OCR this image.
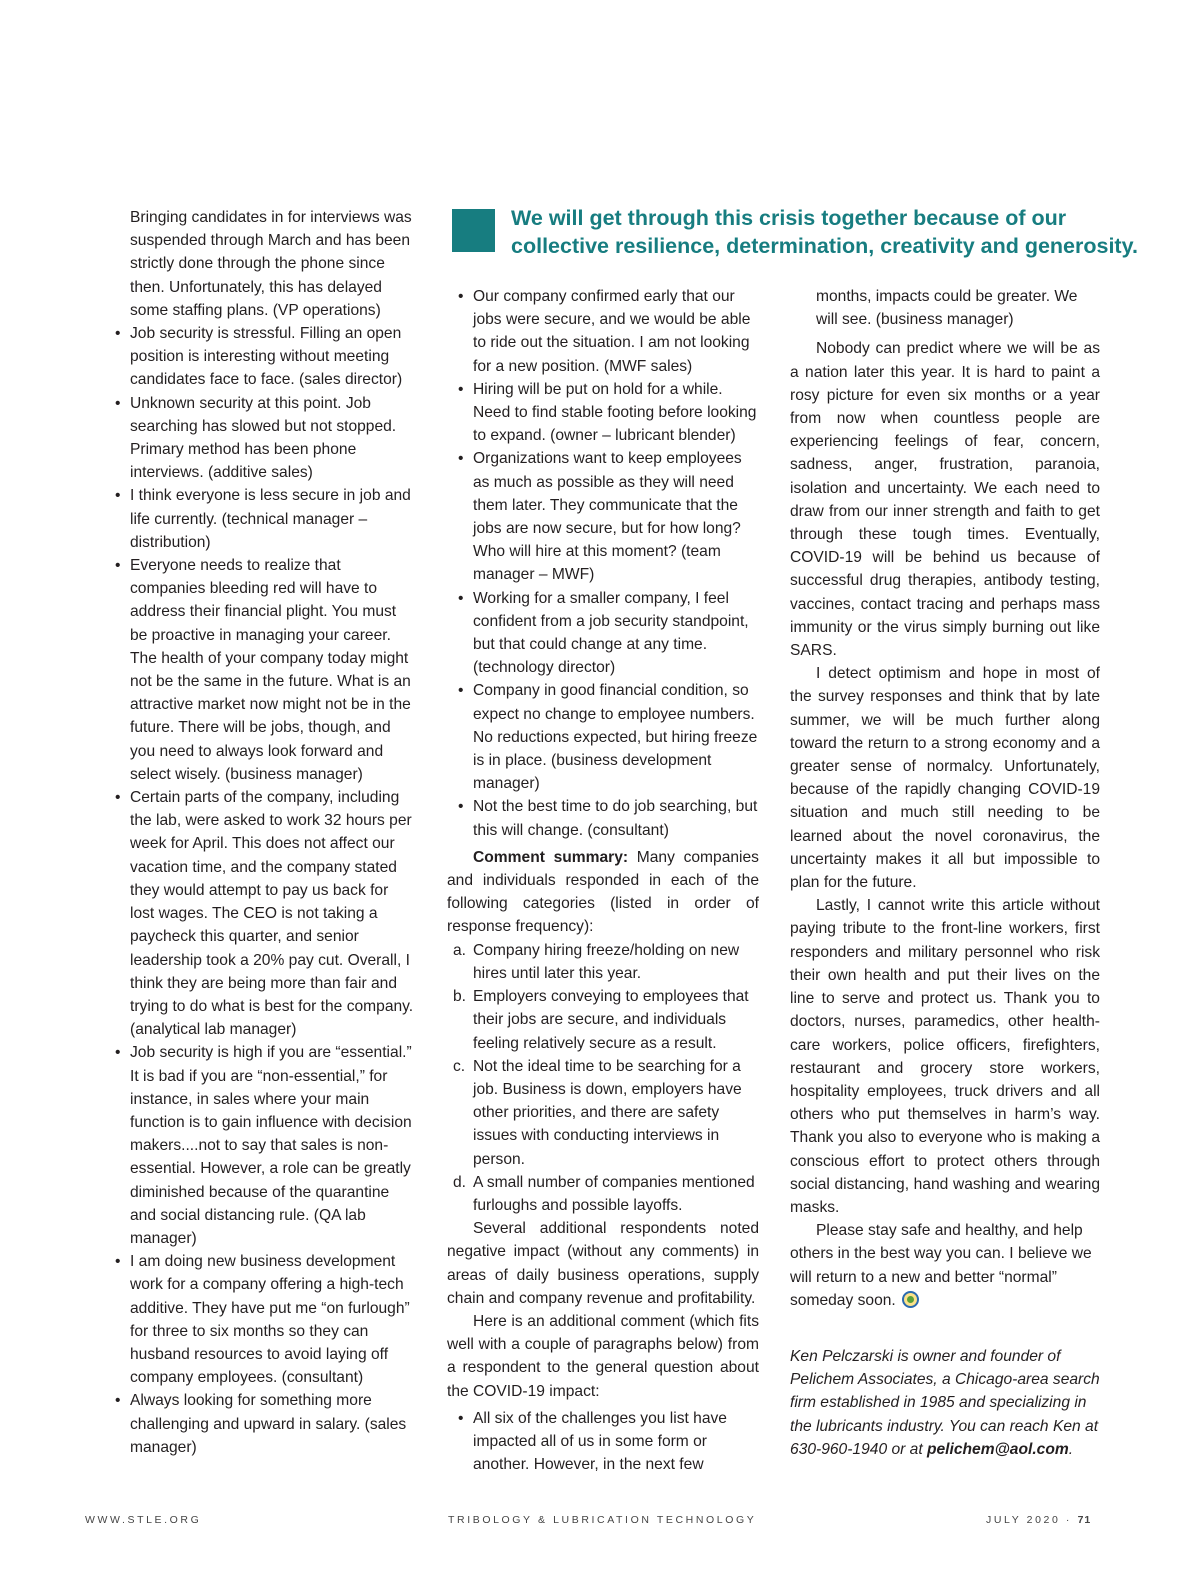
We will get through this crisis together because of our collective resilience, determination, creativity and generosity.

Bringing candidates in for interviews was suspended through March and has been strictly done through the phone since then. Unfortunately, this has delayed some staffing plans. (VP operations)

• Job security is stressful. Filling an open position is interesting without meeting candidates face to face. (sales director)
• Unknown security at this point. Job searching has slowed but not stopped. Primary method has been phone interviews. (additive sales)
• I think everyone is less secure in job and life currently. (technical manager – distribution)
• Everyone needs to realize that companies bleeding red will have to address their financial plight. You must be proactive in managing your career. The health of your company today might not be the same in the future. What is an attractive market now might not be in the future. There will be jobs, though, and you need to always look forward and select wisely. (business manager)
• Certain parts of the company, including the lab, were asked to work 32 hours per week for April. This does not affect our vacation time, and the company stated they would attempt to pay us back for lost wages. The CEO is not taking a paycheck this quarter, and senior leadership took a 20% pay cut. Overall, I think they are being more than fair and trying to do what is best for the company. (analytical lab manager)
• Job security is high if you are “essential.” It is bad if you are “non-essential,” for instance, in sales where your main function is to gain influence with decision makers....not to say that sales is non-essential. However, a role can be greatly diminished because of the quarantine and social distancing rule. (QA lab manager)
• I am doing new business development work for a company offering a high-tech additive. They have put me “on furlough” for three to six months so they can husband resources to avoid laying off company employees. (consultant)
• Always looking for something more challenging and upward in salary. (sales manager)
• Our company confirmed early that our jobs were secure, and we would be able to ride out the situation. I am not looking for a new position. (MWF sales)
• Hiring will be put on hold for a while. Need to find stable footing before looking to expand. (owner – lubricant blender)
• Organizations want to keep employees as much as possible as they will need them later. They communicate that the jobs are now secure, but for how long? Who will hire at this moment? (team manager – MWF)
• Working for a smaller company, I feel confident from a job security standpoint, but that could change at any time. (technology director)
• Company in good financial condition, so expect no change to employee numbers. No reductions expected, but hiring freeze is in place. (business development manager)
• Not the best time to do job searching, but this will change. (consultant)

Comment summary: Many companies and individuals responded in each of the following categories (listed in order of response frequency):

a. Company hiring freeze/holding on new hires until later this year.
b. Employers conveying to employees that their jobs are secure, and individuals feeling relatively secure as a result.
c. Not the ideal time to be searching for a job. Business is down, employers have other priorities, and there are safety issues with conducting interviews in person.
d. A small number of companies mentioned furloughs and possible layoffs.

Several additional respondents noted negative impact (without any comments) in areas of daily business operations, supply chain and company revenue and profitability.

Here is an additional comment (which fits well with a couple of paragraphs below) from a respondent to the general question about the COVID-19 impact:

• All six of the challenges you list have impacted all of us in some form or another. However, in the next few

months, impacts could be greater. We will see. (business manager)

Nobody can predict where we will be as a nation later this year. It is hard to paint a rosy picture for even six months or a year from now when countless people are experiencing feelings of fear, concern, sadness, anger, frustration, paranoia, isolation and uncertainty. We each need to draw from our inner strength and faith to get through these tough times. Eventually, COVID-19 will be behind us because of successful drug therapies, antibody testing, vaccines, contact tracing and perhaps mass immunity or the virus simply burning out like SARS.

I detect optimism and hope in most of the survey responses and think that by late summer, we will be much further along toward the return to a strong economy and a greater sense of normalcy. Unfortunately, because of the rapidly changing COVID-19 situation and much still needing to be learned about the novel coronavirus, the uncertainty makes it all but impossible to plan for the future.

Lastly, I cannot write this article without paying tribute to the front-line workers, first responders and military personnel who risk their own health and put their lives on the line to serve and protect us. Thank you to doctors, nurses, paramedics, other health-care workers, police officers, firefighters, restaurant and grocery store workers, hospitality employees, truck drivers and all others who put themselves in harm’s way. Thank you also to everyone who is making a conscious effort to protect others through social distancing, hand washing and wearing masks.

Please stay safe and healthy, and help others in the best way you can. I believe we will return to a new and better “normal” someday soon.

Ken Pelczarski is owner and founder of Pelichem Associates, a Chicago-area search firm established in 1985 and specializing in the lubricants industry. You can reach Ken at 630-960-1940 or at pelichem@aol.com.

WWW.STLE.ORG	TRIBOLOGY & LUBRICATION TECHNOLOGY	JULY 2020 · 71
